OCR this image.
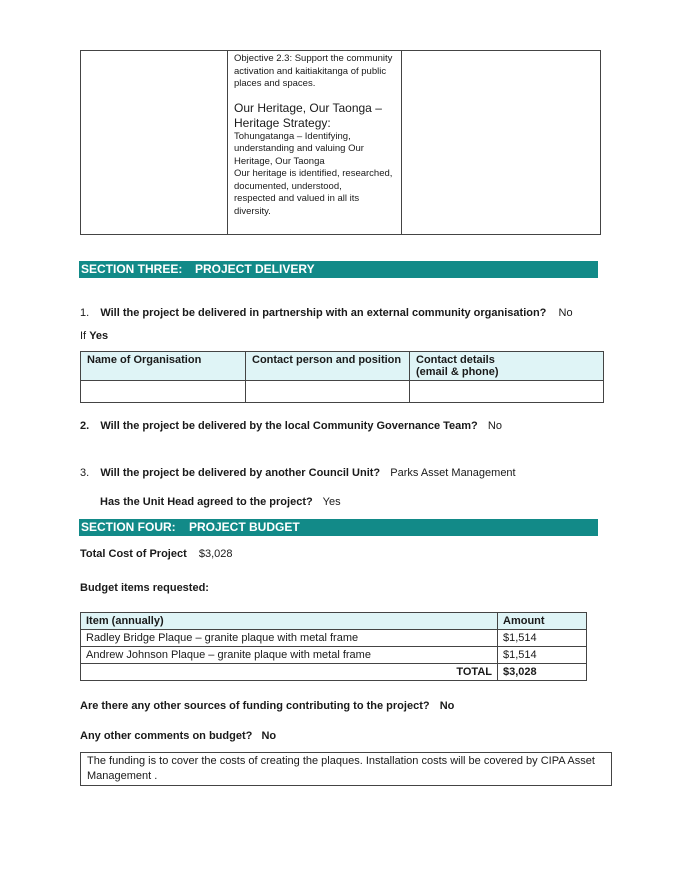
Objective 2.3: Support the community activation and kaitiakitanga of public places and spaces.
Our Heritage, Our Taonga –
Heritage Strategy:
Tohungatanga – Identifying,
understanding and valuing Our
Heritage, Our Taonga
Our heritage is identified, researched,
documented, understood,
respected and valued in all its
diversity.
SECTION THREE: PROJECT DELIVERY
1. Will the project be delivered in partnership with an external community organisation? No
If Yes
Name of Organisation	Contact person and position	Contact details
(email & phone)

2. Will the project be delivered by the local Community Governance Team? No
3. Will the project be delivered by another Council Unit? Parks Asset Management
Has the Unit Head agreed to the project? Yes
SECTION FOUR: PROJECT BUDGET
Total Cost of Project $3,028
Budget items requested:
Item (annually)	Amount
Radley Bridge Plaque – granite plaque with metal frame	$1,514
Andrew Johnson Plaque – granite plaque with metal frame	$1,514
TOTAL	$3,028
Are there any other sources of funding contributing to the project? No
Any other comments on budget? No
The funding is to cover the costs of creating the plaques. Installation costs will be covered by CIPA Asset Management .
